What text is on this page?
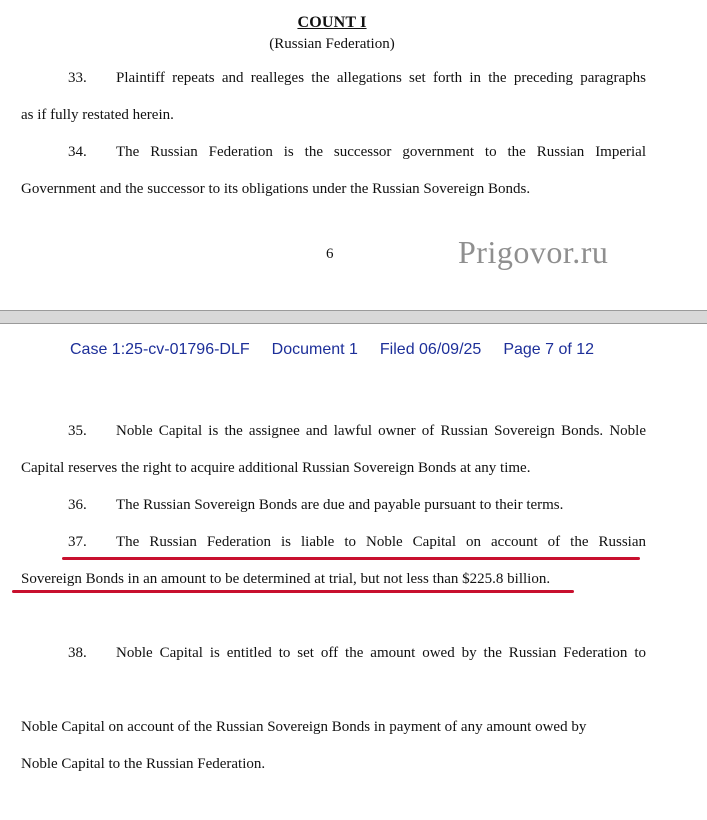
COUNT I
(Russian Federation)
33. Plaintiff repeats and realleges the allegations set forth in the preceding paragraphs
as if fully restated herein.
34. The Russian Federation is the successor government to the Russian Imperial
Government and the successor to its obligations under the Russian Sovereign Bonds.
6	Prigovor.ru
Case 1:25-cv-01796-DLF Document 1 Filed 06/09/25 Page 7 of 12
35. Noble Capital is the assignee and lawful owner of Russian Sovereign Bonds. Noble
Capital reserves the right to acquire additional Russian Sovereign Bonds at any time.
36. The Russian Sovereign Bonds are due and payable pursuant to their terms.
37. The Russian Federation is liable to Noble Capital on account of the Russian
Sovereign Bonds in an amount to be determined at trial, but not less than $225.8 billion.

38. Noble Capital is entitled to set off the amount owed by the Russian Federation to

Noble Capital on account of the Russian Sovereign Bonds in payment of any amount owed by
Noble Capital to the Russian Federation.
